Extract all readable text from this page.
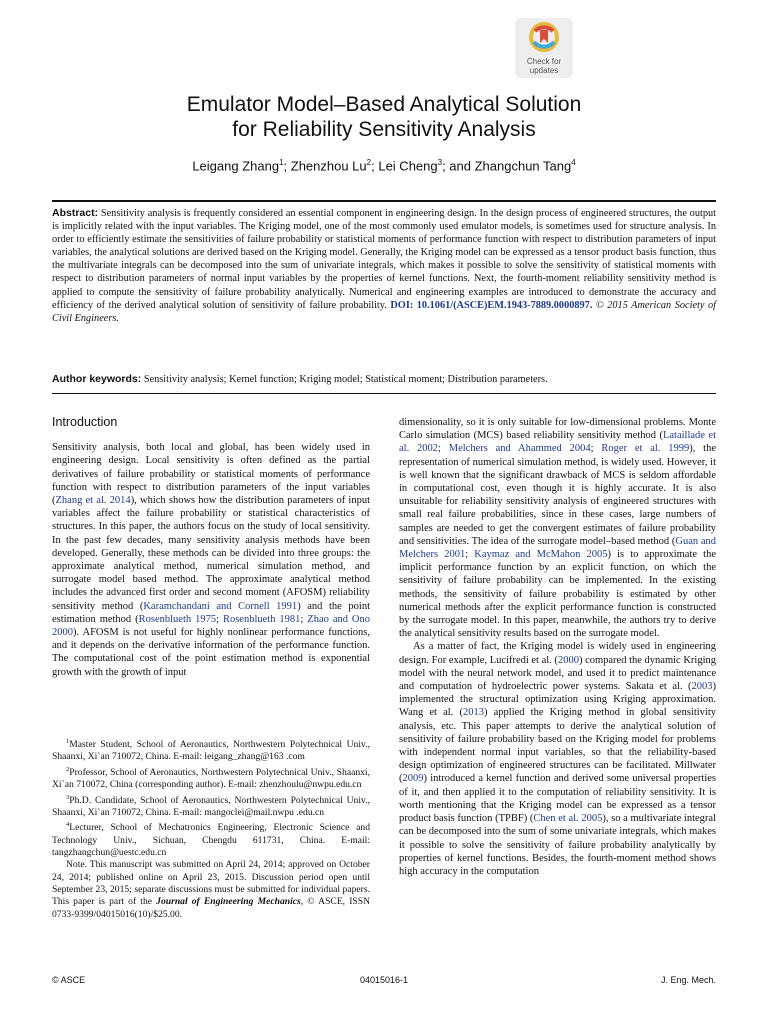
Check for
updates
Emulator Model–Based Analytical Solution
for Reliability Sensitivity Analysis
Leigang Zhang$^1$; Zhenzhou Lu$^2$; Lei Cheng$^3$; and Zhangchun Tang$^4$
Abstract: Sensitivity analysis is frequently considered an essential component in engineering design. In the design process of engineered structures, the output is implicitly related with the input variables. The Kriging model, one of the most commonly used emulator models, is sometimes used for structure analysis. In order to efficiently estimate the sensitivities of failure probability or statistical moments of performance function with respect to distribution parameters of input variables, the analytical solutions are derived based on the Kriging model. Generally, the Kriging model can be expressed as a tensor product basis function, thus the multivariate integrals can be decomposed into the sum of univariate integrals, which makes it possible to solve the sensitivity of statistical moments with respect to distribution parameters of normal input variables by the properties of kernel functions. Next, the fourth-moment reliability sensitivity method is applied to compute the sensitivity of failure probability analytically. Numerical and engineering examples are introduced to demonstrate the accuracy and efficiency of the derived analytical solution of sensitivity of failure probability. DOI: 10.1061/(ASCE)EM.1943-7889.0000897. © 2015 American Society of Civil Engineers.
Author keywords: Sensitivity analysis; Kernel function; Kriging model; Statistical moment; Distribution parameters.
Introduction

Sensitivity analysis, both local and global, has been widely used in engineering design. Local sensitivity is often defined as the partial derivatives of failure probability or statistical moments of performance function with respect to distribution parameters of the input variables (Zhang et al. 2014), which shows how the distribution parameters of input variables affect the failure probability or statistical characteristics of structures. In this paper, the authors focus on the study of local sensitivity. In the past few decades, many sensitivity analysis methods have been developed. Generally, these methods can be divided into three groups: the approximate analytical method, numerical simulation method, and surrogate model based method. The approximate analytical method includes the advanced first order and second moment (AFOSM) reliability sensitivity method (Karamchandani and Cornell 1991) and the point estimation method (Rosenblueth 1975; Rosenblueth 1981; Zhao and Ono 2000). AFOSM is not useful for highly nonlinear performance functions, and it depends on the derivative information of the performance function. The computational cost of the point estimation method is exponential growth with the growth of input

$^1$Master Student, School of Aeronautics, Northwestern Polytechnical Univ., Shaanxi, Xi`an 710072, China. E-mail: leigang_zhang@163 .com

$^2$Professor, School of Aeronautics, Northwestern Polytechnical Univ., Shaanxi, Xi`an 710072, China (corresponding author). E-mail: zhenzhoulu@nwpu.edu.cn

$^3$Ph.D. Candidate, School of Aeronautics, Northwestern Polytechnical Univ., Shaanxi, Xi`an 710072, China. E-mail: mangoclei@mail.nwpu .edu.cn

$^4$Lecturer, School of Mechatronics Engineering, Electronic Science and Technology Univ., Sichuan, Chengdu 611731, China. E-mail: tangzhangchun@uestc.edu.cn

Note. This manuscript was submitted on April 24, 2014; approved on October 24, 2014; published online on April 23, 2015. Discussion period open until September 23, 2015; separate discussions must be submitted for individual papers. This paper is part of the Journal of Engineering Mechanics, © ASCE, ISSN 0733-9399/04015016(10)/$25.00.

dimensionality, so it is only suitable for low-dimensional problems. Monte Carlo simulation (MCS) based reliability sensitivity method (Lataillade et al. 2002; Melchers and Ahammed 2004; Roger et al. 1999), the representation of numerical simulation method, is widely used. However, it is well known that the significant drawback of MCS is seldom affordable in computational cost, even though it is highly accurate. It is also unsuitable for reliability sensitivity analysis of engineered structures with small real failure probabilities, since in these cases, large numbers of samples are needed to get the convergent estimates of failure probability and sensitivities. The idea of the surrogate model–based method (Guan and Melchers 2001; Kaymaz and McMahon 2005) is to approximate the implicit performance function by an explicit function, on which the sensitivity of failure probability can be implemented. In the existing methods, the sensitivity of failure probability is estimated by other numerical methods after the explicit performance function is constructed by the surrogate model. In this paper, meanwhile, the authors try to derive the analytical sensitivity results based on the surrogate model.

As a matter of fact, the Kriging model is widely used in engineering design. For example, Lucifredi et al. (2000) compared the dynamic Kriging model with the neural network model, and used it to predict maintenance and computation of hydroelectric power systems. Sakata et al. (2003) implemented the structural optimization using Kriging approximation. Wang et al. (2013) applied the Kriging method in global sensitivity analysis, etc. This paper attempts to derive the analytical solution of sensitivity of failure probability based on the Kriging model for problems with independent normal input variables, so that the reliability-based design optimization of engineered structures can be facilitated. Millwater (2009) introduced a kernel function and derived some universal properties of it, and then applied it to the computation of reliability sensitivity. It is worth mentioning that the Kriging model can be expressed as a tensor product basis function (TPBF) (Chen et al. 2005), so a multivariate integral can be decomposed into the sum of some univariate integrals, which makes it possible to solve the sensitivity of failure probability analytically by properties of kernel functions. Besides, the fourth-moment method shows high accuracy in the computation

© ASCE	04015016-1	J. Eng. Mech.
